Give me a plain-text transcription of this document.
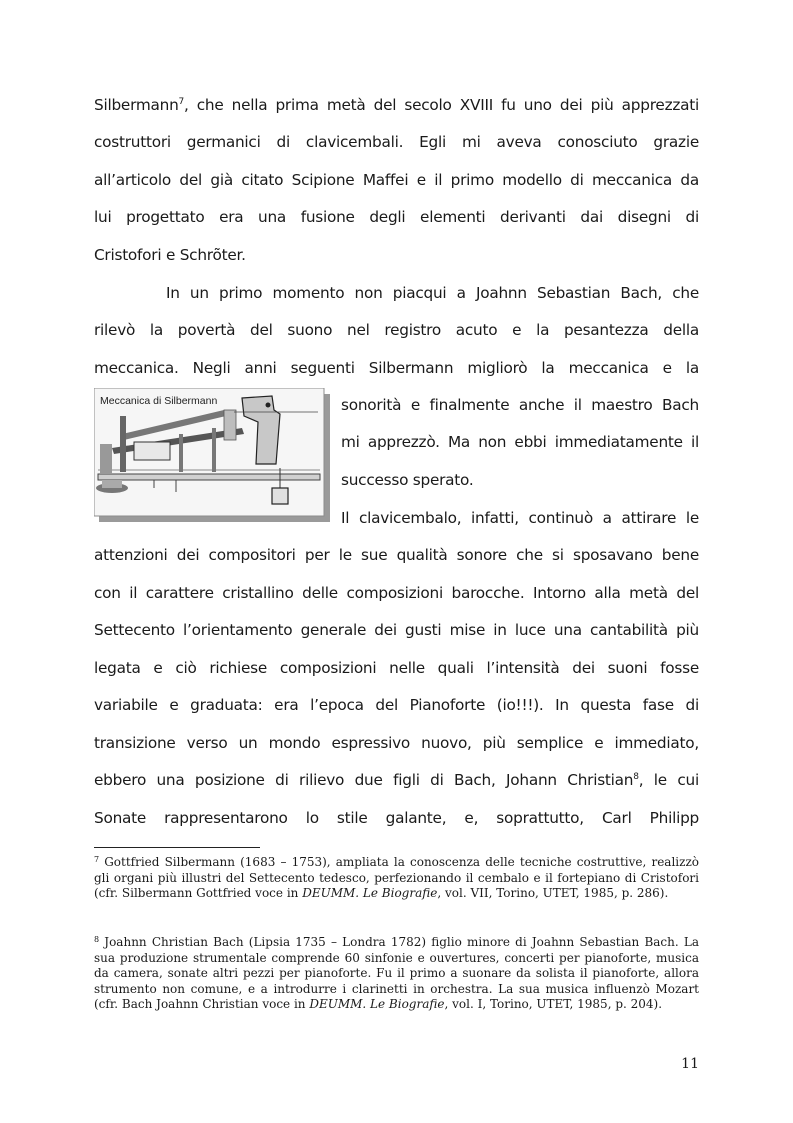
Silbermann$^7$, che nella prima metà del secolo XVIII fu uno dei più apprezzati
costruttori germanici di clavicembali. Egli mi aveva conosciuto grazie
all’articolo del già citato Scipione Maffei e il primo modello di meccanica da
lui progettato era una fusione degli elementi derivanti dai disegni di
Cristofori e Schrõter.
In un primo momento non piacqui a Joahnn Sebastian Bach, che
rilevò la povertà del suono nel registro acuto e la pesantezza della
meccanica. Negli anni seguenti Silbermann migliorò la meccanica e la
sonorità e finalmente anche il maestro Bach
mi apprezzò. Ma non ebbi immediatamente il
successo sperato.
Il clavicembalo, infatti, continuò a attirare le
attenzioni dei compositori per le sue qualità sonore che si sposavano bene
con il carattere cristallino delle composizioni barocche. Intorno alla metà del
Settecento l’orientamento generale dei gusti mise in luce una cantabilità più
legata e ciò richiese composizioni nelle quali l’intensità dei suoni fosse
variabile e graduata: era l’epoca del Pianoforte (io!!!). In questa fase di
transizione verso un mondo espressivo nuovo, più semplice e immediato,
ebbero una posizione di rilievo due figli di Bach, Johann Christian$^8$, le cui
Sonate rappresentarono lo stile galante, e, soprattutto, Carl Philipp
Meccanica di Silbermann
$^7$ Gottfried Silbermann (1683 – 1753), ampliata la conoscenza delle tecniche costruttive, realizzò gli organi più illustri del Settecento tedesco, perfezionando il cembalo e il fortepiano di Cristofori (cfr. Silbermann Gottfried voce in DEUMM. Le Biografie, vol. VII, Torino, UTET, 1985, p. 286).
$^8$ Joahnn Christian Bach (Lipsia 1735 – Londra 1782) figlio minore di Joahnn Sebastian Bach. La sua produzione strumentale comprende 60 sinfonie e ouvertures, concerti per pianoforte, musica da camera, sonate altri pezzi per pianoforte. Fu il primo a suonare da solista il pianoforte, allora strumento non comune, e a introdurre i clarinetti in orchestra. La sua musica influenzò Mozart (cfr. Bach Joahnn Christian voce in DEUMM. Le Biografie, vol. I, Torino, UTET, 1985, p. 204).
11
